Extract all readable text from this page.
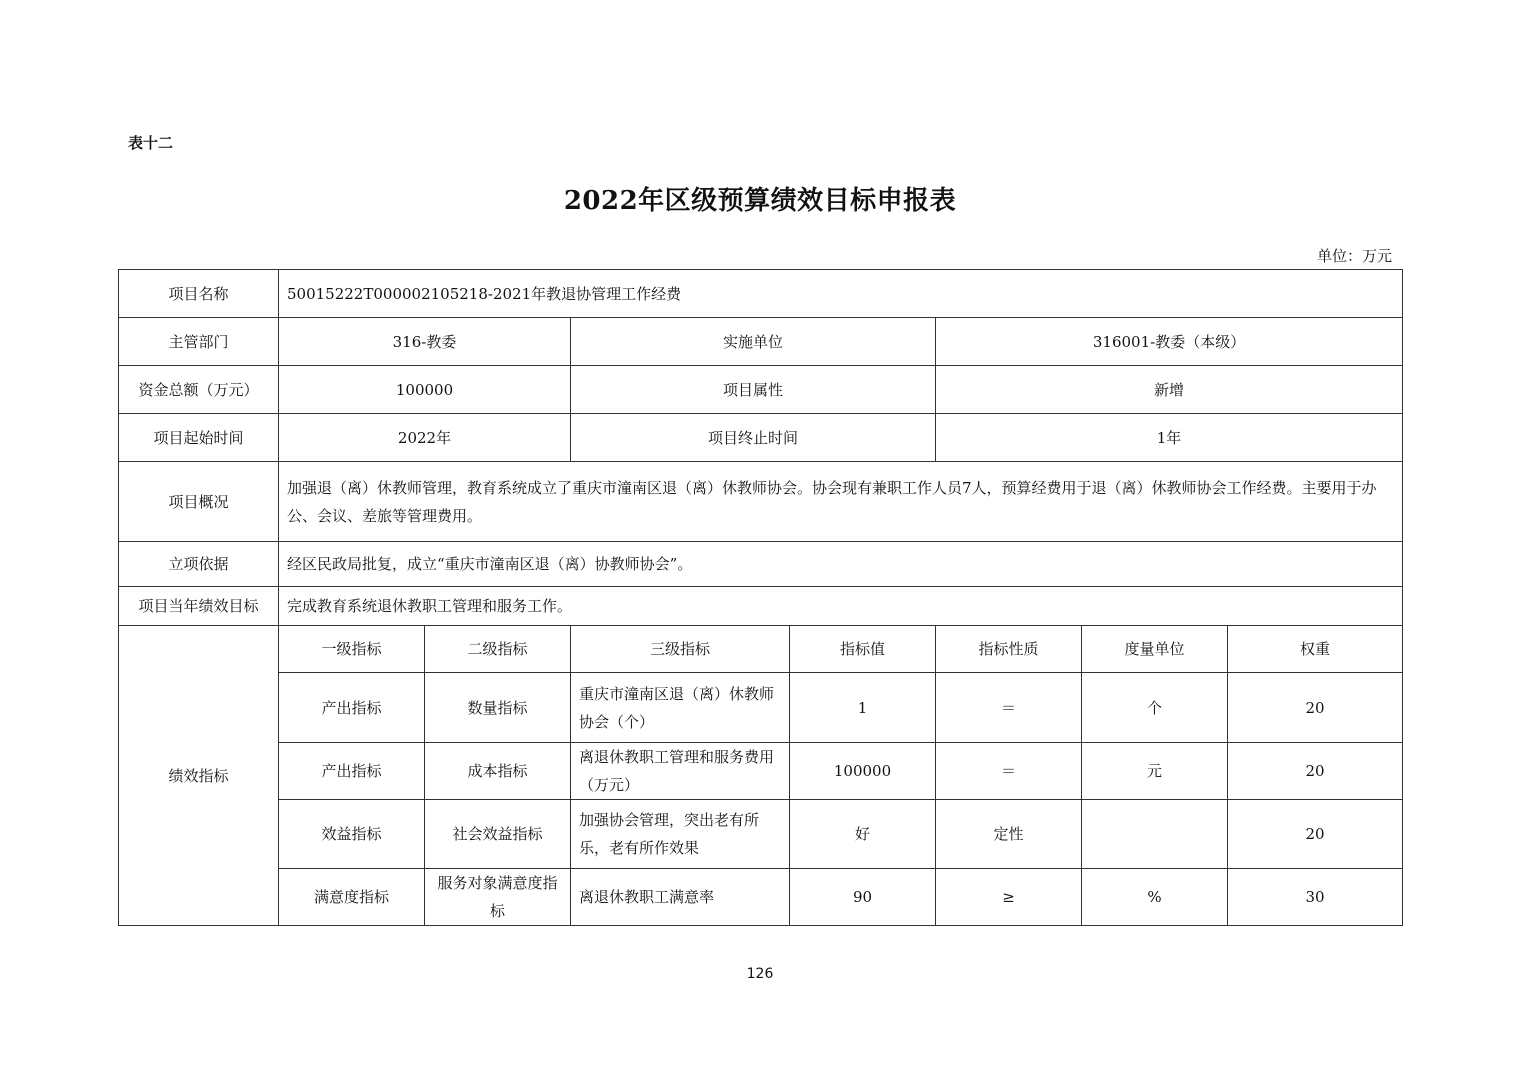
表十二
2022年区级预算绩效目标申报表
单位：万元
项目名称	50015222T000002105218-2021年教退协管理工作经费						
主管部门	316-教委		实施单位		316001-教委（本级）		
资金总额（万元）	100000		项目属性		新增		
项目起始时间	2022年		项目终止时间		1年		
项目概况	加强退（离）休教师管理，教育系统成立了重庆市潼南区退（离）休教师协会。协会现有兼职工作人员7人，预算经费用于退（离）休教师协会工作经费。主要用于办公、会议、差旅等管理费用。						
立项依据	经区民政局批复，成立“重庆市潼南区退（离）协教师协会”。						
项目当年绩效目标	完成教育系统退休教职工管理和服务工作。						
绩效指标	一级指标	二级指标	三级指标	指标值	指标性质	度量单位	权重
	产出指标	数量指标	重庆市潼南区退（离）休教师协会（个）	1	＝	个	20
	产出指标	成本指标	离退休教职工管理和服务费用（万元）	100000	＝	元	20
	效益指标	社会效益指标	加强协会管理，突出老有所乐，老有所作效果	好	定性		20
	满意度指标	服务对象满意度指标	离退休教职工满意率	90	≥	%	30
126
